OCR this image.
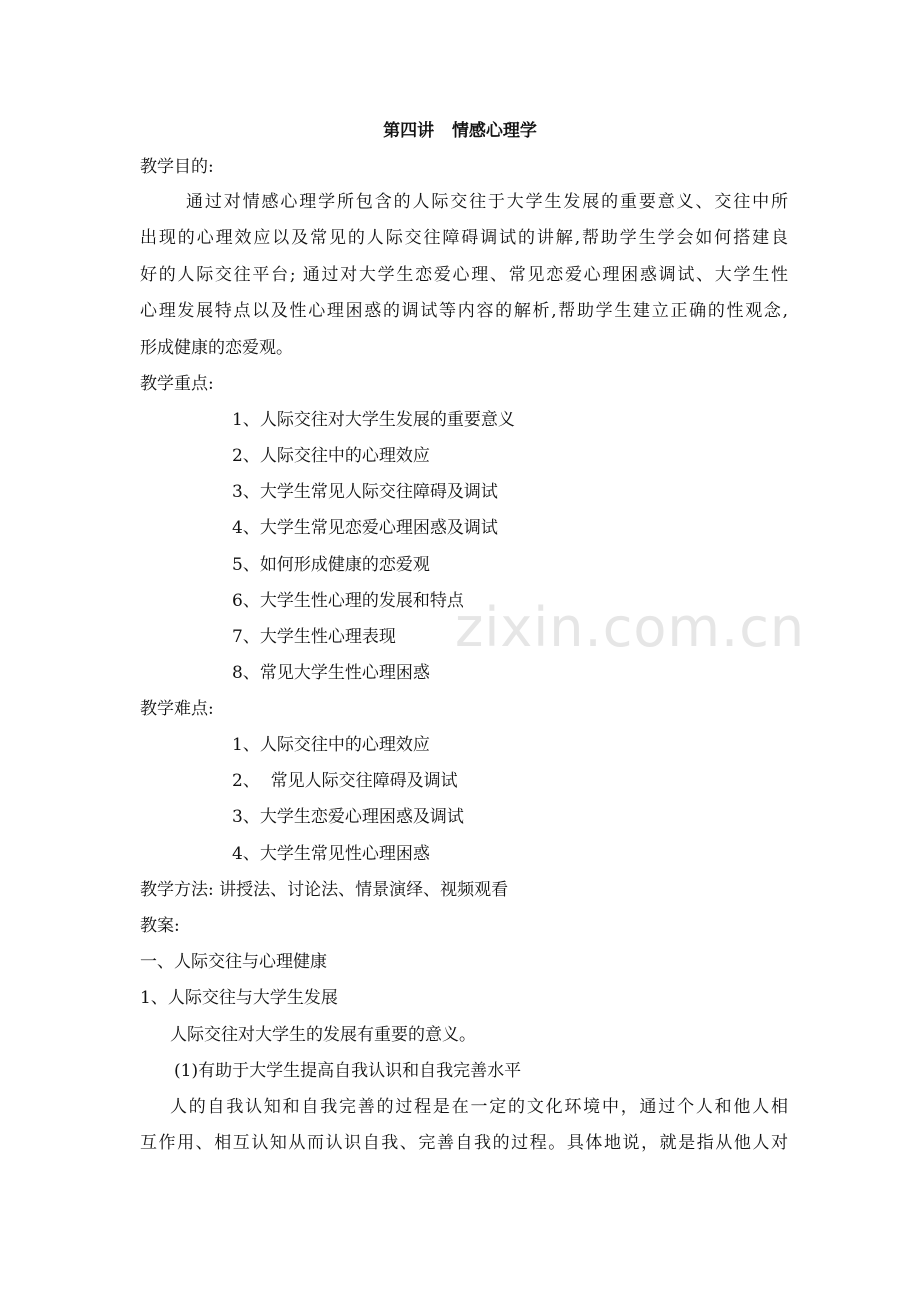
第四讲   情感心理学
教学目的:
通过对情感心理学所包含的人际交往于大学生发展的重要意义、交往中所
出现的心理效应以及常见的人际交往障碍调试的讲解,帮助学生学会如何搭建良
好的人际交往平台; 通过对大学生恋爱心理、常见恋爱心理困惑调试、大学生性
心理发展特点以及性心理困惑的调试等内容的解析,帮助学生建立正确的性观念,
形成健康的恋爱观。
教学重点:
1、人际交往对大学生发展的重要意义
2、人际交往中的心理效应
3、大学生常见人际交往障碍及调试
4、大学生常见恋爱心理困惑及调试
5、如何形成健康的恋爱观
6、大学生性心理的发展和特点
7、大学生性心理表现
8、常见大学生性心理困惑
教学难点:
1、人际交往中的心理效应
2、  常见人际交往障碍及调试
3、大学生恋爱心理困惑及调试
4、大学生常见性心理困惑
教学方法: 讲授法、讨论法、情景演绎、视频观看
教案:
一、人际交往与心理健康
1、人际交往与大学生发展
人际交往对大学生的发展有重要的意义。
(1)有助于大学生提高自我认识和自我完善水平
人的自我认知和自我完善的过程是在一定的文化环境中，通过个人和他人相
互作用、相互认知从而认识自我、完善自我的过程。具体地说，就是指从他人对
zixin.com.cn
